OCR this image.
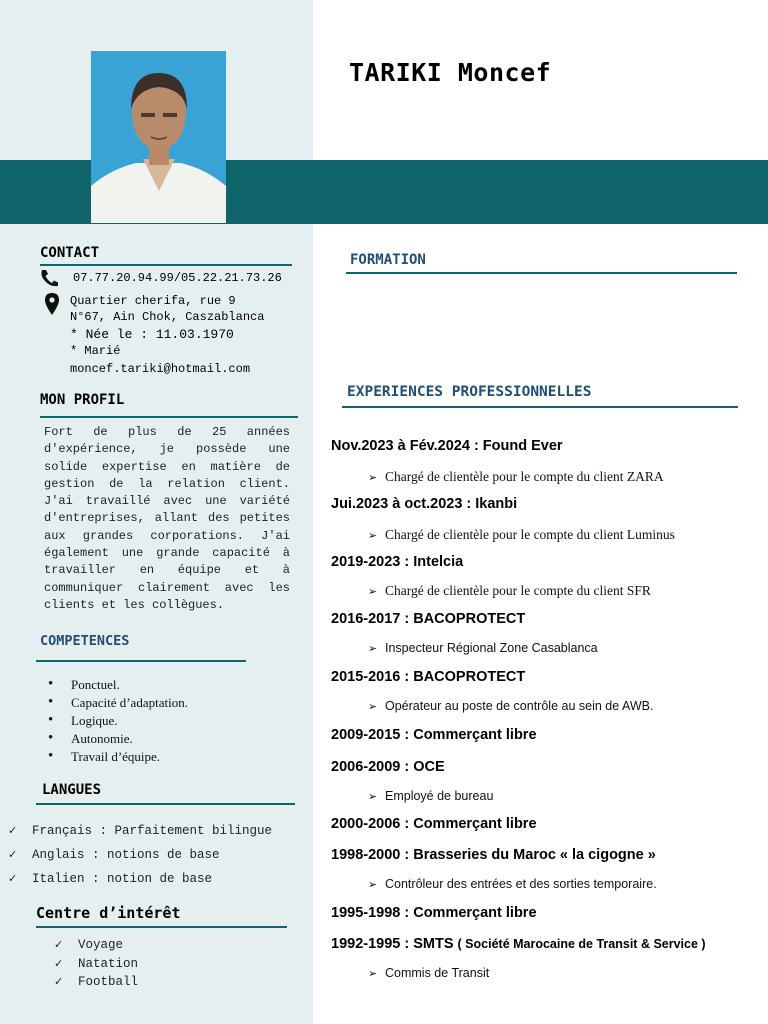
TARIKI Moncef
CONTACT
07.77.20.94.99/05.22.21.73.26
Quartier cherifa, rue 9
N°67, Ain Chok, Caszablanca
* Née le : 11.03.1970
* Marié
moncef.tariki@hotmail.com
MON PROFIL
Fort de plus de 25 années d'expérience, je possède une solide expertise en matière de gestion de la relation client. J'ai travaillé avec une variété d'entreprises, allant des petites aux grandes corporations. J'ai également une grande capacité à travailler en équipe et à communiquer clairement avec les clients et les collègues.
COMPETENCES
• Ponctuel.
• Capacité d’adaptation.
• Logique.
• Autonomie.
• Travail d’équipe.
LANGUES
✓ Français : Parfaitement bilingue
✓ Anglais : notions de base
✓ Italien : notion de base
Centre d’intérêt
✓ Voyage
✓ Natation
✓ Football
FORMATION
EXPERIENCES PROFESSIONNELLES
Nov.2023 à Fév.2024 : Found Ever
➢ Chargé de clientèle pour le compte du client ZARA
Jui.2023 à oct.2023 : Ikanbi
➢ Chargé de clientèle pour le compte du client Luminus
2019-2023 : Intelcia
➢ Chargé de clientèle pour le compte du client SFR
2016-2017 : BACOPROTECT
➢ Inspecteur Régional Zone Casablanca
2015-2016 : BACOPROTECT
➢ Opérateur au poste de contrôle au sein de AWB.
2009-2015 : Commerçant libre
2006-2009 : OCE
➢ Employé de bureau
2000-2006 : Commerçant libre
1998-2000 : Brasseries du Maroc « la cigogne »
➢ Contrôleur des entrées et des sorties temporaire.
1995-1998 : Commerçant libre
1992-1995 : SMTS ( Société Marocaine de Transit & Service )
➢ Commis de Transit
